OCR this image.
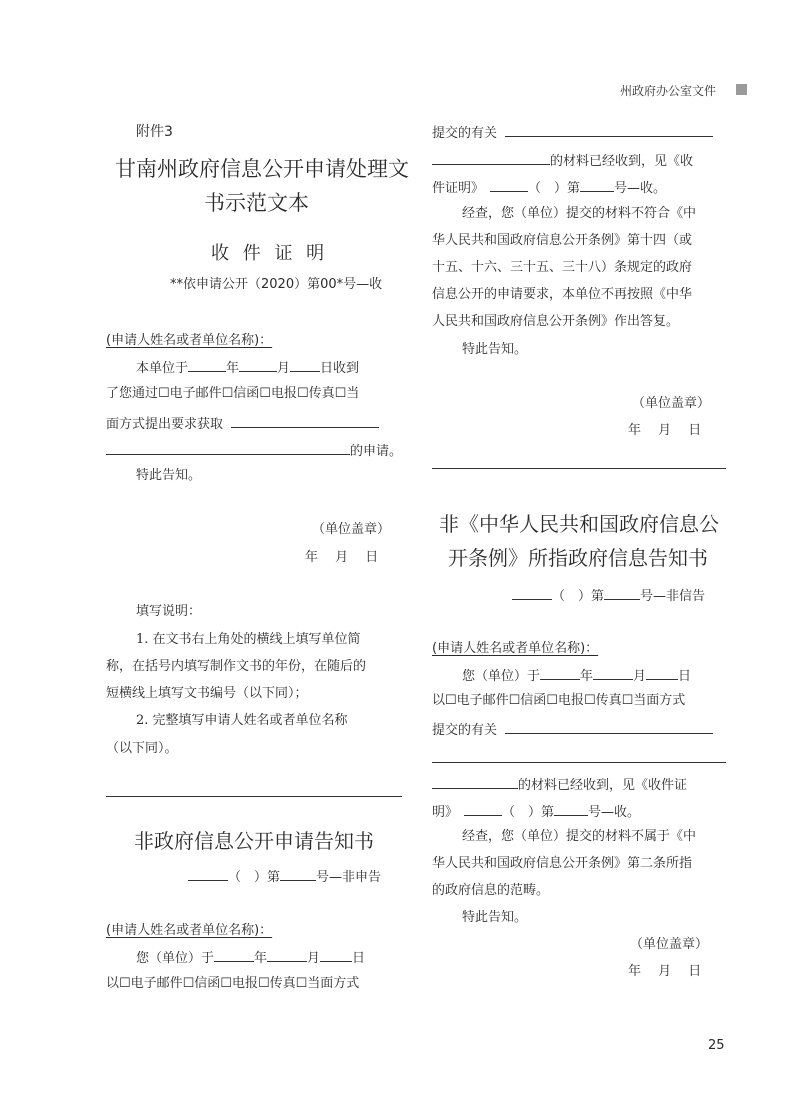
州政府办公室文件
附件3
甘南州政府信息公开申请处理文
书示范文本
收 件 证 明
**依申请公开（2020）第00*号—收
(申请人姓名或者单位名称)：
本单位于	年	月 日收到
了您通过☐电子邮件☐信函☐电报☐传真☐当
面方式提出要求获取
的申请。
特此告知。
（单位盖章）
年　 月　 日
填写说明：
1. 在文书右上角处的横线上填写单位简
称，在括号内填写制作文书的年份，在随后的
短横线上填写文书编号（以下同）；
2. 完整填写申请人姓名或者单位名称
（以下同）。
非政府信息公开申请告知书
（　）第	号—非申告
(申请人姓名或者单位名称)：
您（单位）于	年	月 日
以☐电子邮件☐信函☐电报☐传真☐当面方式
提交的有关
的材料已经收到，见《收
件证明》	（　）第	号—收。
经查，您（单位）提交的材料不符合《中
华人民共和国政府信息公开条例》第十四（或
十五、十六、三十五、三十八）条规定的政府
信息公开的申请要求，本单位不再按照《中华
人民共和国政府信息公开条例》作出答复。
特此告知。
（单位盖章）
年　 月　 日
非《中华人民共和国政府信息公
开条例》所指政府信息告知书
（　）第	号—非信告
(申请人姓名或者单位名称)：
您（单位）于	年	月 日
以☐电子邮件☐信函☐电报☐传真☐当面方式
提交的有关
的材料已经收到，见《收件证
明》	（　）第	号—收。
经查，您（单位）提交的材料不属于《中
华人民共和国政府信息公开条例》第二条所指
的政府信息的范畴。
特此告知。
（单位盖章）
年　 月　 日
25
